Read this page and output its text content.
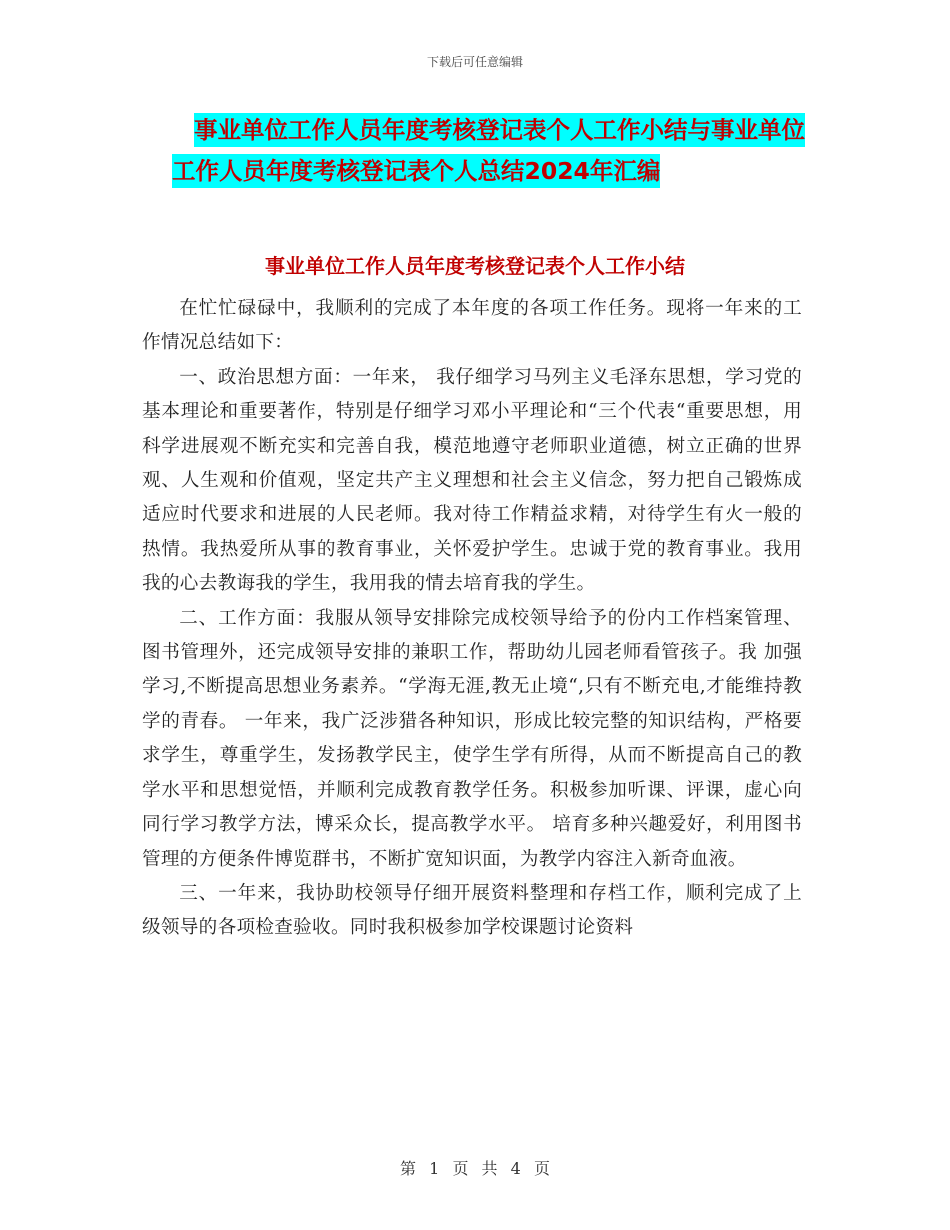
下载后可任意编辑
事业单位工作人员年度考核登记表个人工作小结与事业单位工作人员年度考核登记表个人总结2024年汇编
事业单位工作人员年度考核登记表个人工作小结

在忙忙碌碌中，我顺利的完成了本年度的各项工作任务。现将一年来的工作情况总结如下：

一、政治思想方面：一年来， 我仔细学习马列主义毛泽东思想，学习党的基本理论和重要著作，特别是仔细学习邓小平理论和“三个代表“重要思想，用科学进展观不断充实和完善自我，模范地遵守老师职业道德，树立正确的世界观、人生观和价值观，坚定共产主义理想和社会主义信念，努力把自己锻炼成适应时代要求和进展的人民老师。我对待工作精益求精，对待学生有火一般的热情。我热爱所从事的教育事业，关怀爱护学生。忠诚于党的教育事业。我用我的心去教诲我的学生，我用我的情去培育我的学生。

二、工作方面：我服从领导安排除完成校领导给予的份内工作档案管理、图书管理外，还完成领导安排的兼职工作，帮助幼儿园老师看管孩子。我 加强学习,不断提高思想业务素养。“学海无涯,教无止境“,只有不断充电,才能维持教学的青春。 一年来，我广泛涉猎各种知识，形成比较完整的知识结构，严格要求学生，尊重学生，发扬教学民主，使学生学有所得，从而不断提高自己的教学水平和思想觉悟，并顺利完成教育教学任务。积极参加听课、评课，虚心向同行学习教学方法，博采众长，提高教学水平。 培育多种兴趣爱好，利用图书管理的方便条件博览群书，不断扩宽知识面，为教学内容注入新奇血液。

三、一年来，我协助校领导仔细开展资料整理和存档工作，顺利完成了上级领导的各项检查验收。同时我积极参加学校课题讨论资料

第 1 页 共 4 页
